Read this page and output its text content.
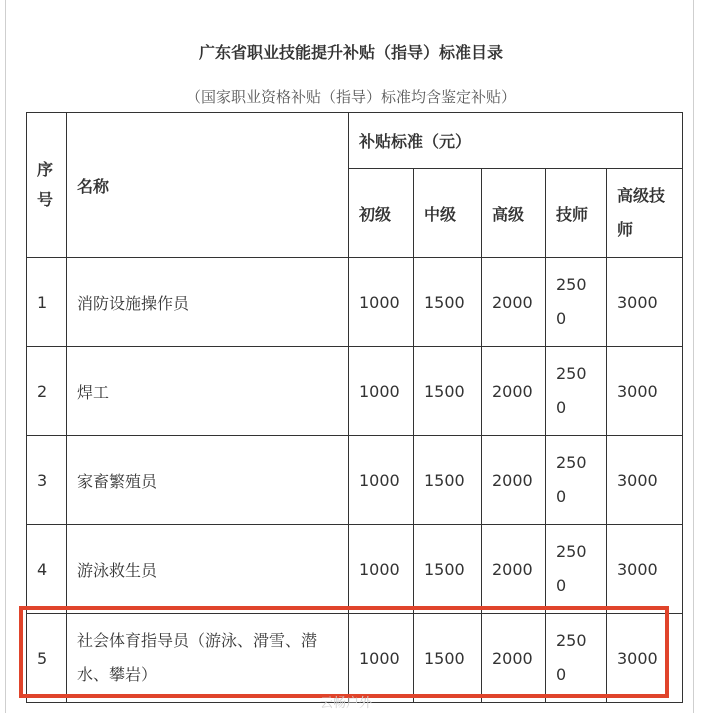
广东省职业技能提升补贴（指导）标准目录
（国家职业资格补贴（指导）标准均含鉴定补贴）
序号	名称	补贴标准（元）				
		初级	中级	高级	技师	高级技师
1	消防设施操作员	1000	1500	2000	2500	3000
2	焊工	1000	1500	2000	2500	3000
3	家畜繁殖员	1000	1500	2000	2500	3000
4	游泳救生员	1000	1500	2000	2500	3000
5	社会体育指导员（游泳、滑雪、潜水、攀岩）	1000	1500	2000	2500	3000
云畅户外
